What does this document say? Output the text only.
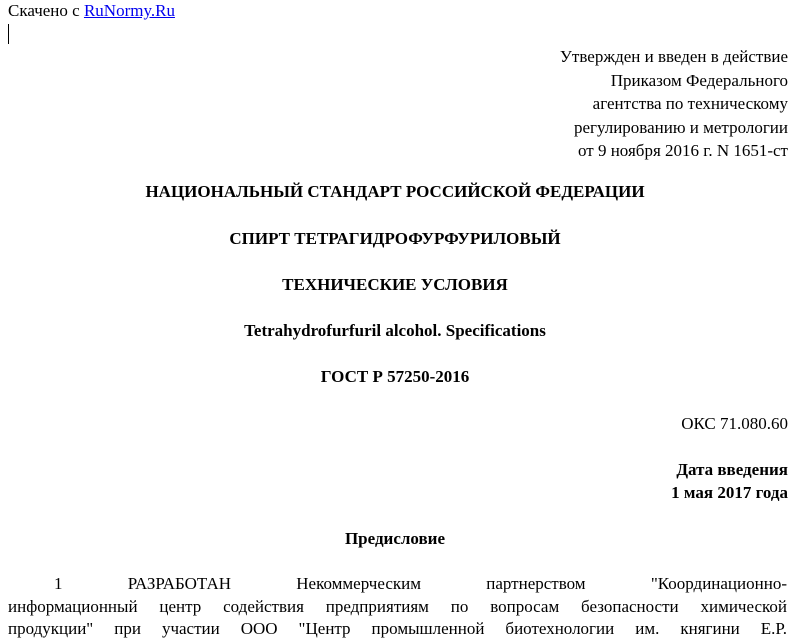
Скачено с RuNormy.Ru
Утвержден и введен в действие
Приказом Федерального
агентства по техническому
регулированию и метрологии
от 9 ноября 2016 г. N 1651-ст
НАЦИОНАЛЬНЫЙ СТАНДАРТ РОССИЙСКОЙ ФЕДЕРАЦИИ
СПИРТ ТЕТРАГИДРОФУРФУРИЛОВЫЙ
ТЕХНИЧЕСКИЕ УСЛОВИЯ
Tetrahydrofurfuril alcohol. Specifications
ГОСТ Р 57250-2016
ОКС 71.080.60
Дата введения
1 мая 2017 года
Предисловие
1 РАЗРАБОТАН Некоммерческим партнерством "Координационно-
информационный центр содействия предприятиям по вопросам безопасности химической
продукции" при участии ООО "Центр промышленной биотехнологии им. княгини Е.Р.
